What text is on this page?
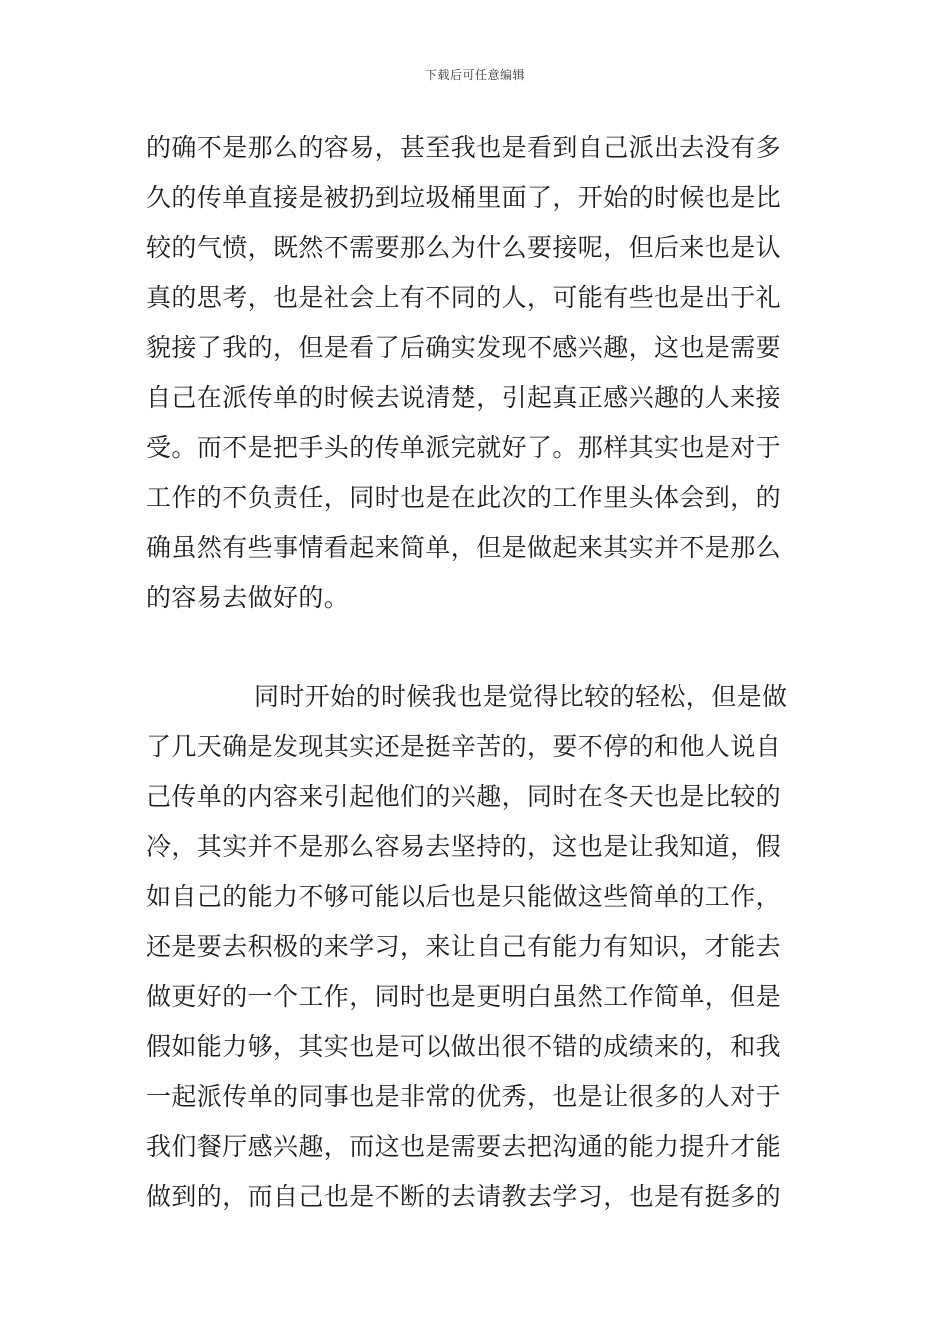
下载后可任意编辑
的确不是那么的容易，甚至我也是看到自己派出去没有多
久的传单直接是被扔到垃圾桶里面了，开始的时候也是比
较的气愤，既然不需要那么为什么要接呢，但后来也是认
真的思考，也是社会上有不同的人，可能有些也是出于礼
貌接了我的，但是看了后确实发现不感兴趣，这也是需要
自己在派传单的时候去说清楚，引起真正感兴趣的人来接
受。而不是把手头的传单派完就好了。那样其实也是对于
工作的不负责任，同时也是在此次的工作里头体会到，的
确虽然有些事情看起来简单，但是做起来其实并不是那么
的容易去做好的。
同时开始的时候我也是觉得比较的轻松，但是做
了几天确是发现其实还是挺辛苦的，要不停的和他人说自
己传单的内容来引起他们的兴趣，同时在冬天也是比较的
冷，其实并不是那么容易去坚持的，这也是让我知道，假
如自己的能力不够可能以后也是只能做这些简单的工作，
还是要去积极的来学习，来让自己有能力有知识，才能去
做更好的一个工作，同时也是更明白虽然工作简单，但是
假如能力够，其实也是可以做出很不错的成绩来的，和我
一起派传单的同事也是非常的优秀，也是让很多的人对于
我们餐厅感兴趣，而这也是需要去把沟通的能力提升才能
做到的，而自己也是不断的去请教去学习，也是有挺多的
